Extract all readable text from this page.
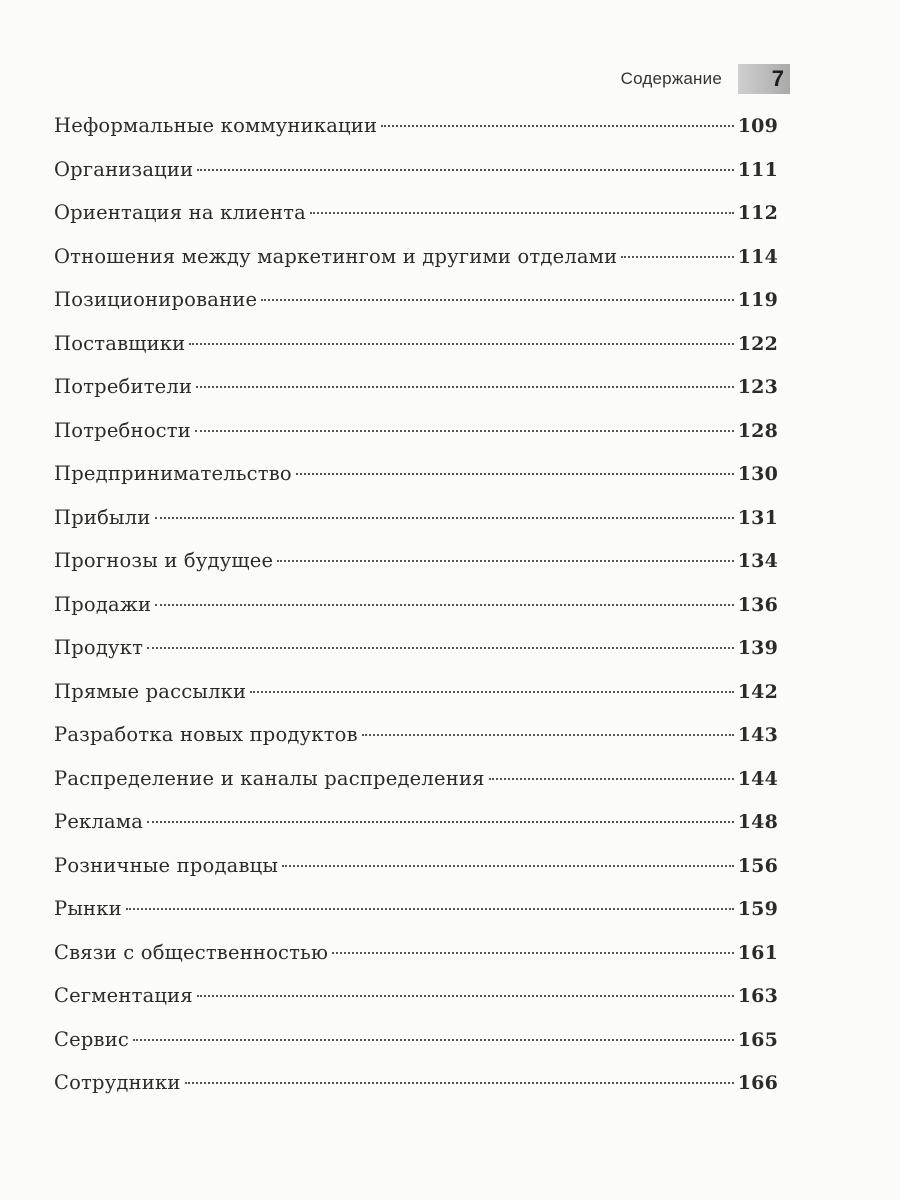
Содержание	7
Неформальные коммуникации	109
Организации	111
Ориентация на клиента	112
Отношения между маркетингом и другими отделами	114
Позиционирование	119
Поставщики	122
Потребители	123
Потребности	128
Предпринимательство	130
Прибыли	131
Прогнозы и будущее	134
Продажи	136
Продукт	139
Прямые рассылки	142
Разработка новых продуктов	143
Распределение и каналы распределения	144
Реклама	148
Розничные продавцы	156
Рынки	159
Связи с общественностью	161
Сегментация	163
Сервис	165
Сотрудники	166
